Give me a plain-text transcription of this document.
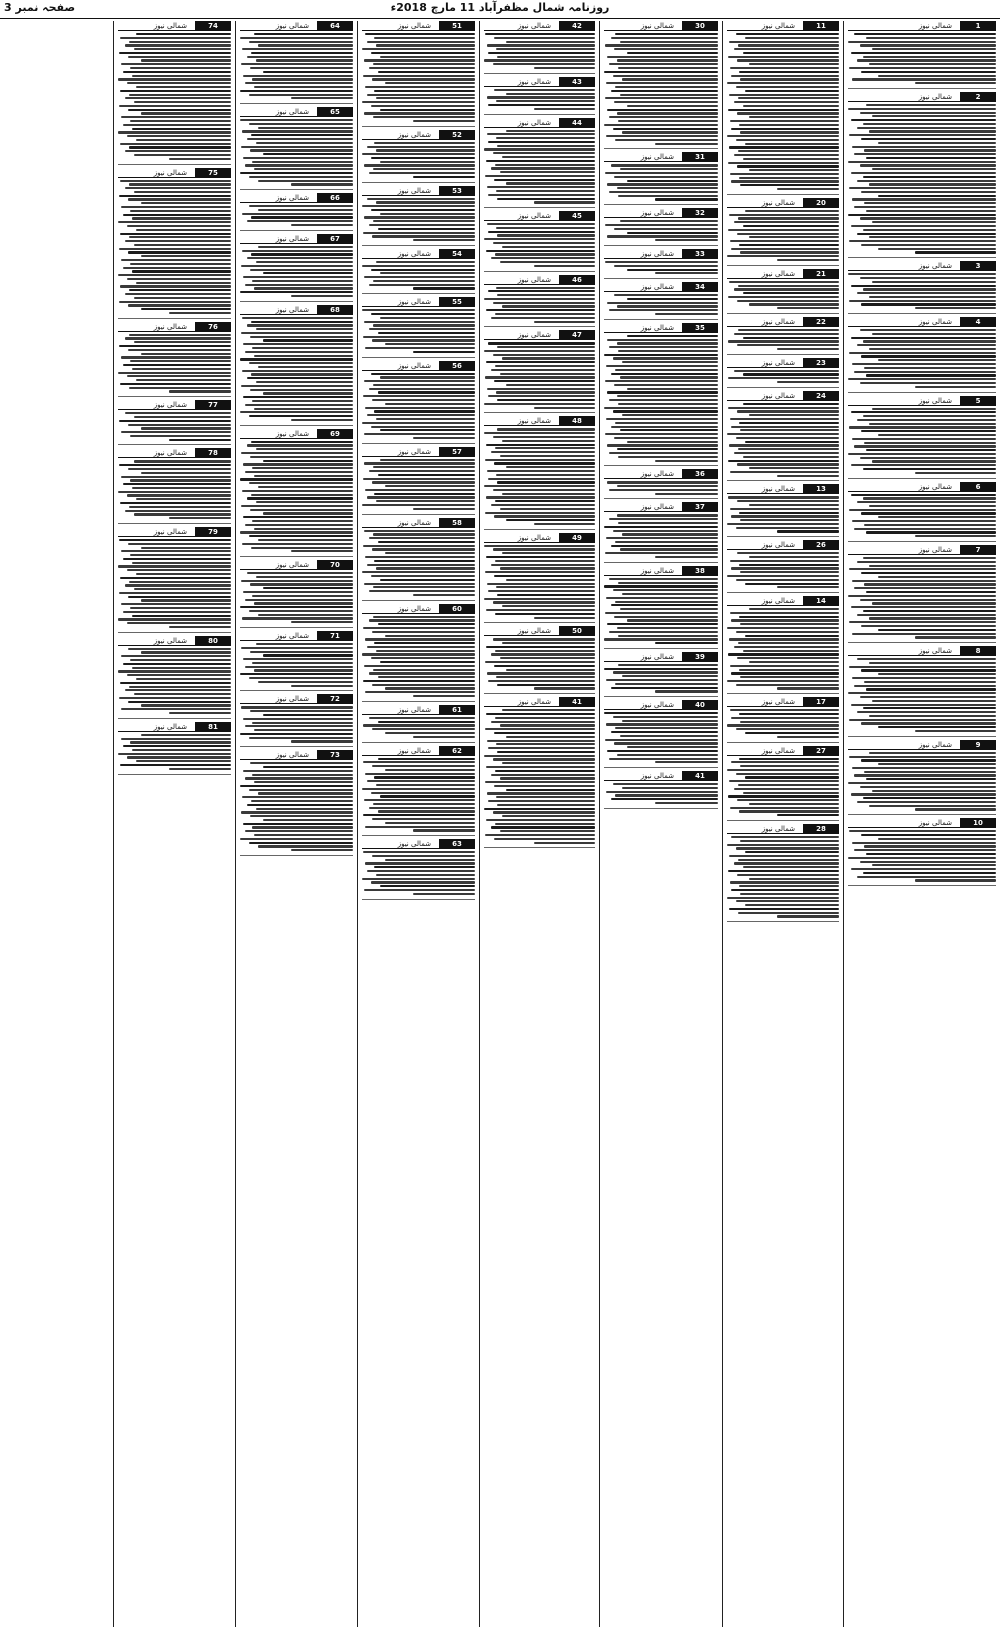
روزنامہ شمال مظفرآباد 11 مارچ 2018ء
صفحہ نمبر 3
شمالی نیوز	1
شمالی نیوز	2
شمالی نیوز	3
شمالی نیوز	4
شمالی نیوز	5
شمالی نیوز	6
شمالی نیوز	7
شمالی نیوز	8
شمالی نیوز	9
شمالی نیوز	10
شمالی نیوز	11
شمالی نیوز	20
شمالی نیوز	21
شمالی نیوز	22
شمالی نیوز	23
شمالی نیوز	24
شمالی نیوز	13
شمالی نیوز	26
شمالی نیوز	14
شمالی نیوز	17
شمالی نیوز	27
شمالی نیوز	28
شمالی نیوز	30
شمالی نیوز	31
شمالی نیوز	32
شمالی نیوز	33
شمالی نیوز	34
شمالی نیوز	35
شمالی نیوز	36
شمالی نیوز	37
شمالی نیوز	38
شمالی نیوز	39
شمالی نیوز	40
شمالی نیوز	41
شمالی نیوز	42
شمالی نیوز	43
شمالی نیوز	44
شمالی نیوز	45
شمالی نیوز	46
شمالی نیوز	47
شمالی نیوز	48
شمالی نیوز	49
شمالی نیوز	50
شمالی نیوز	41
شمالی نیوز	51
شمالی نیوز	52
شمالی نیوز	53
شمالی نیوز	54
شمالی نیوز	55
شمالی نیوز	56
شمالی نیوز	57
شمالی نیوز	58
شمالی نیوز	60
شمالی نیوز	61
شمالی نیوز	62
شمالی نیوز	63
شمالی نیوز	64
شمالی نیوز	65
شمالی نیوز	66
شمالی نیوز	67
شمالی نیوز	68
شمالی نیوز	69
شمالی نیوز	70
شمالی نیوز	71
شمالی نیوز	72
شمالی نیوز	73
شمالی نیوز	74
شمالی نیوز	75
شمالی نیوز	76
شمالی نیوز	77
شمالی نیوز	78
شمالی نیوز	79
شمالی نیوز	80
شمالی نیوز	81
